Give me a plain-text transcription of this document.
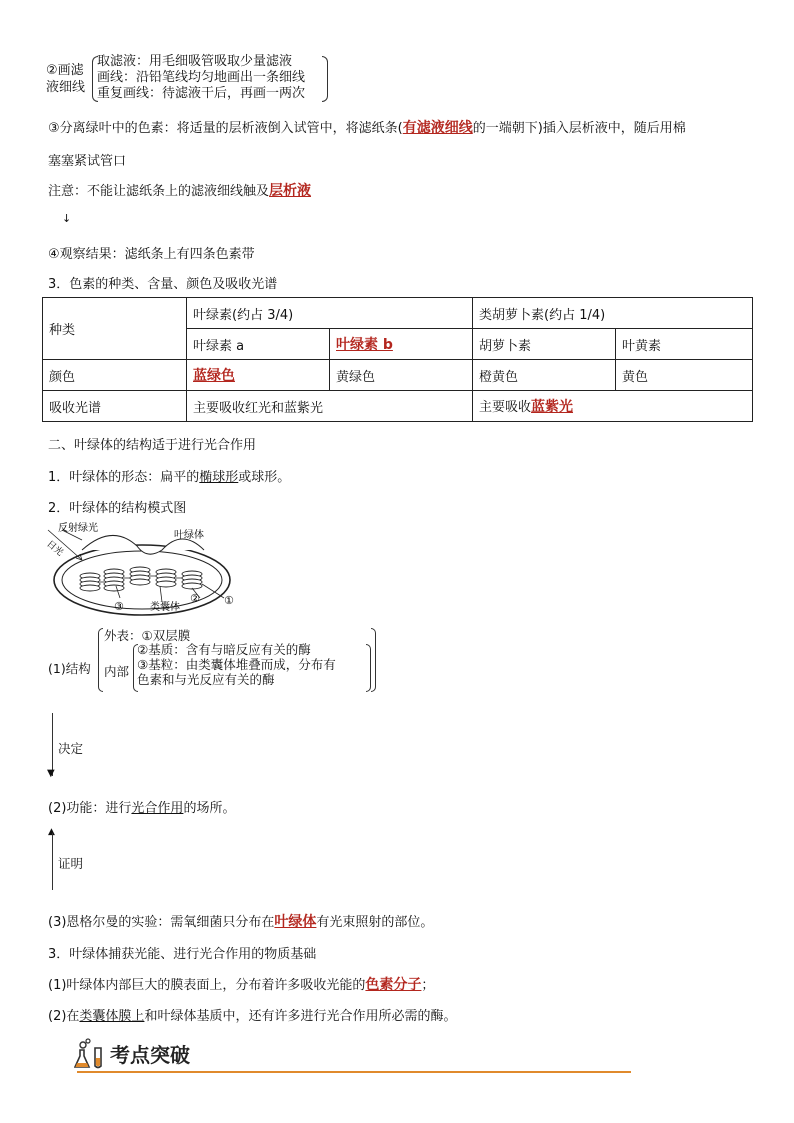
②画滤
液细线
取滤液：用毛细吸管吸取少量滤液
画线：沿铅笔线均匀地画出一条细线
重复画线：待滤液干后，再画一两次
③分离绿叶中的色素：将适量的层析液倒入试管中，将滤纸条(有滤液细线的一端朝下)插入层析液中，随后用棉
塞塞紧试管口
注意：不能让滤纸条上的滤液细线触及层析液
↓
④观察结果：滤纸条上有四条色素带
3．色素的种类、含量、颜色及吸收光谱
种类	叶绿素(约占 3/4)		类胡萝卜素(约占 1/4)	
	叶绿素 a	叶绿素 b	胡萝卜素	叶黄素
颜色	蓝绿色	黄绿色	橙黄色	黄色
吸收光谱	主要吸收红光和蓝紫光		主要吸收蓝紫光	
二、叶绿体的结构适于进行光合作用
1．叶绿体的形态：扁平的椭球形或球形。
2．叶绿体的结构模式图
反射绿光
日光
叶绿体
类囊体
①
②
③
(1)结构
外表：①双层膜
内部
②基质：含有与暗反应有关的酶
③基粒：由类囊体堆叠而成，分布有
色素和与光反应有关的酶
▼
决定
(2)功能：进行光合作用的场所。
▲
证明
(3)恩格尔曼的实验：需氧细菌只分布在叶绿体有光束照射的部位。
3．叶绿体捕获光能、进行光合作用的物质基础
(1)叶绿体内部巨大的膜表面上，分布着许多吸收光能的色素分子；
(2)在类囊体膜上和叶绿体基质中，还有许多进行光合作用所必需的酶。
考点突破
